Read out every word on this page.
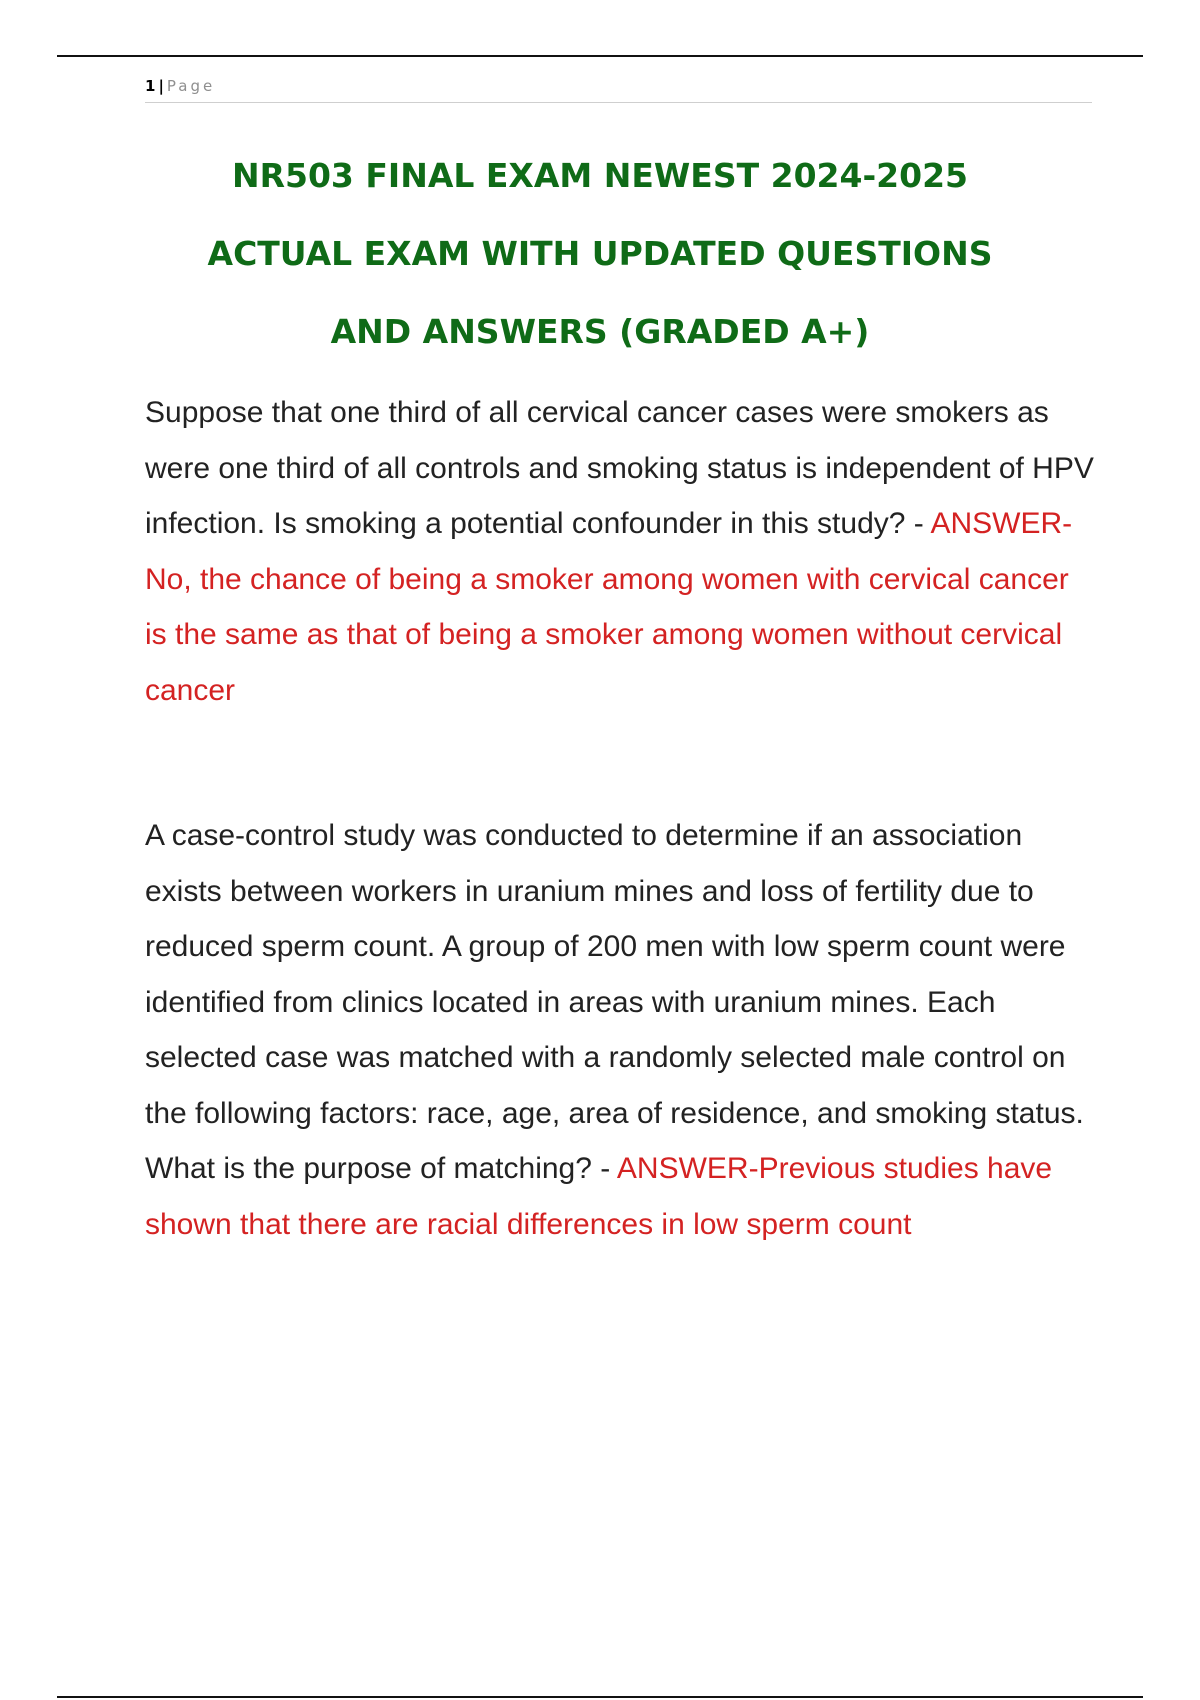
1 | Page
NR503 FINAL EXAM NEWEST 2024-2025
ACTUAL EXAM WITH UPDATED QUESTIONS
AND ANSWERS (GRADED A+)

Suppose that one third of all cervical cancer cases were smokers as were one third of all controls and smoking status is independent of HPV infection. Is smoking a potential confounder in this study? - ANSWER-No, the chance of being a smoker among women with cervical cancer is the same as that of being a smoker among women without cervical cancer

A case-control study was conducted to determine if an association exists between workers in uranium mines and loss of fertility due to reduced sperm count. A group of 200 men with low sperm count were identified from clinics located in areas with uranium mines. Each selected case was matched with a randomly selected male control on the following factors: race, age, area of residence, and smoking status. What is the purpose of matching? - ANSWER-Previous studies have shown that there are racial differences in low sperm count
